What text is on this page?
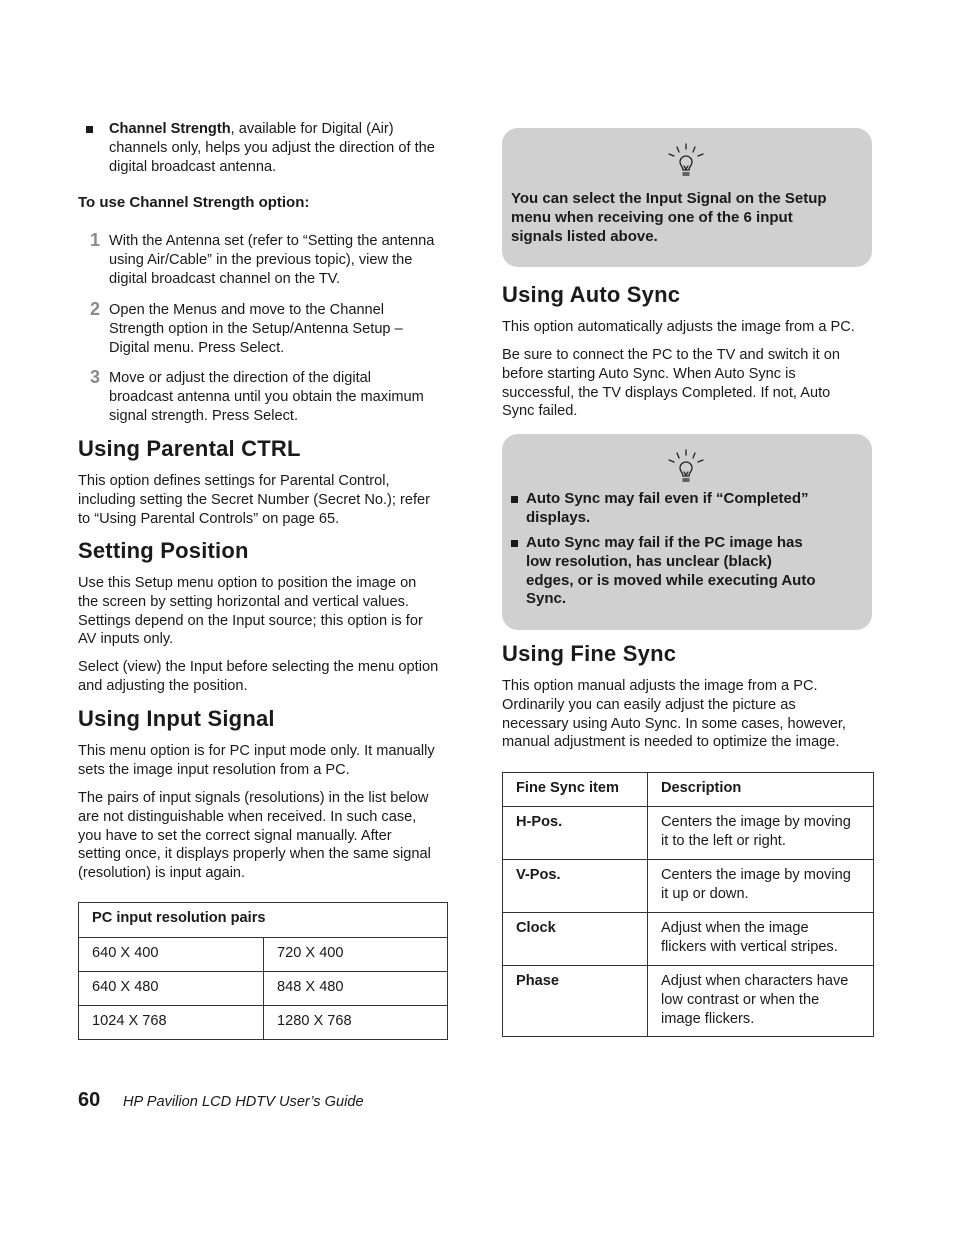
Channel Strength, available for Digital (Air)
channels only, helps you adjust the direction of the
digital broadcast antenna.
To use Channel Strength option:
1 With the Antenna set (refer to “Setting the antenna
using Air/Cable” in the previous topic), view the
digital broadcast channel on the TV.
2 Open the Menus and move to the Channel
Strength option in the Setup/Antenna Setup –
Digital menu. Press Select.
3 Move or adjust the direction of the digital
broadcast antenna until you obtain the maximum
signal strength. Press Select.
Using Parental CTRL
This option defines settings for Parental Control,
including setting the Secret Number (Secret No.); refer
to “Using Parental Controls” on page 65.
Setting Position
Use this Setup menu option to position the image on
the screen by setting horizontal and vertical values.
Settings depend on the Input source; this option is for
AV inputs only.
Select (view) the Input before selecting the menu option
and adjusting the position.
Using Input Signal
This menu option is for PC input mode only. It manually
sets the image input resolution from a PC.
The pairs of input signals (resolutions) in the list below
are not distinguishable when received. In such case,
you have to set the correct signal manually. After
setting once, it displays properly when the same signal
(resolution) is input again.
PC input resolution pairs	

640 X 400	720 X 400

640 X 480	848 X 480

1024 X 768	1280 X 768
You can select the Input Signal on the Setup
menu when receiving one of the 6 input
signals listed above.
Using Auto Sync

This option automatically adjusts the image from a PC.

Be sure to connect the PC to the TV and switch it on
before starting Auto Sync. When Auto Sync is
successful, the TV displays Completed. If not, Auto
Sync failed.
Auto Sync may fail even if “Completed”
displays.
Auto Sync may fail if the PC image has
low resolution, has unclear (black)
edges, or is moved while executing Auto
Sync.
Using Fine Sync
This option manual adjusts the image from a PC.
Ordinarily you can easily adjust the picture as
necessary using Auto Sync. In some cases, however,
manual adjustment is needed to optimize the image.
Fine Sync item	Description

H-Pos.	Centers the image by moving
it to the left or right.

V-Pos.	Centers the image by moving
it up or down.

Clock	Adjust when the image
flickers with vertical stripes.

Phase	Adjust when characters have
low contrast or when the
image flickers.
60 HP Pavilion LCD HDTV User’s Guide
